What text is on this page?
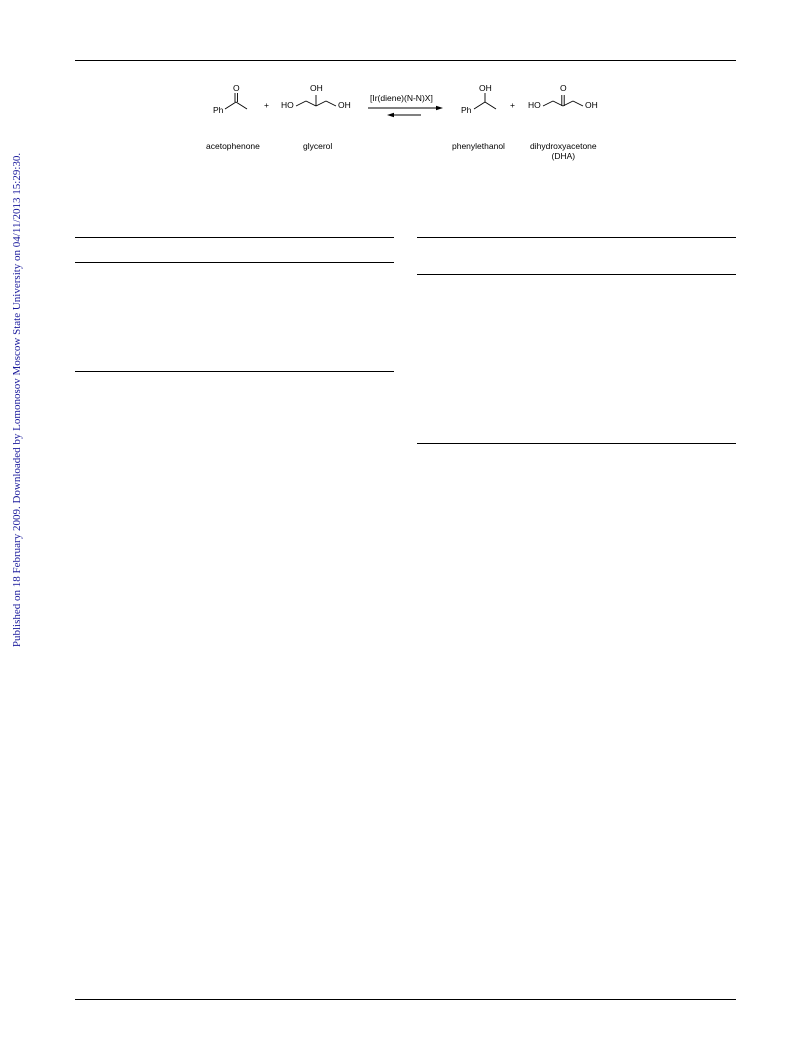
Published on 18 February 2009. Downloaded by Lomonosov Moscow State University on 04/11/2013 15:29:30.
Ph
O
+ HO
OH
OH
[Ir(diene)(N-N)X]
Ph
OH
+ HO
O
OH
acetophenone	glycerol	phenylethanol	dihydroxyacetone
(DHA)
